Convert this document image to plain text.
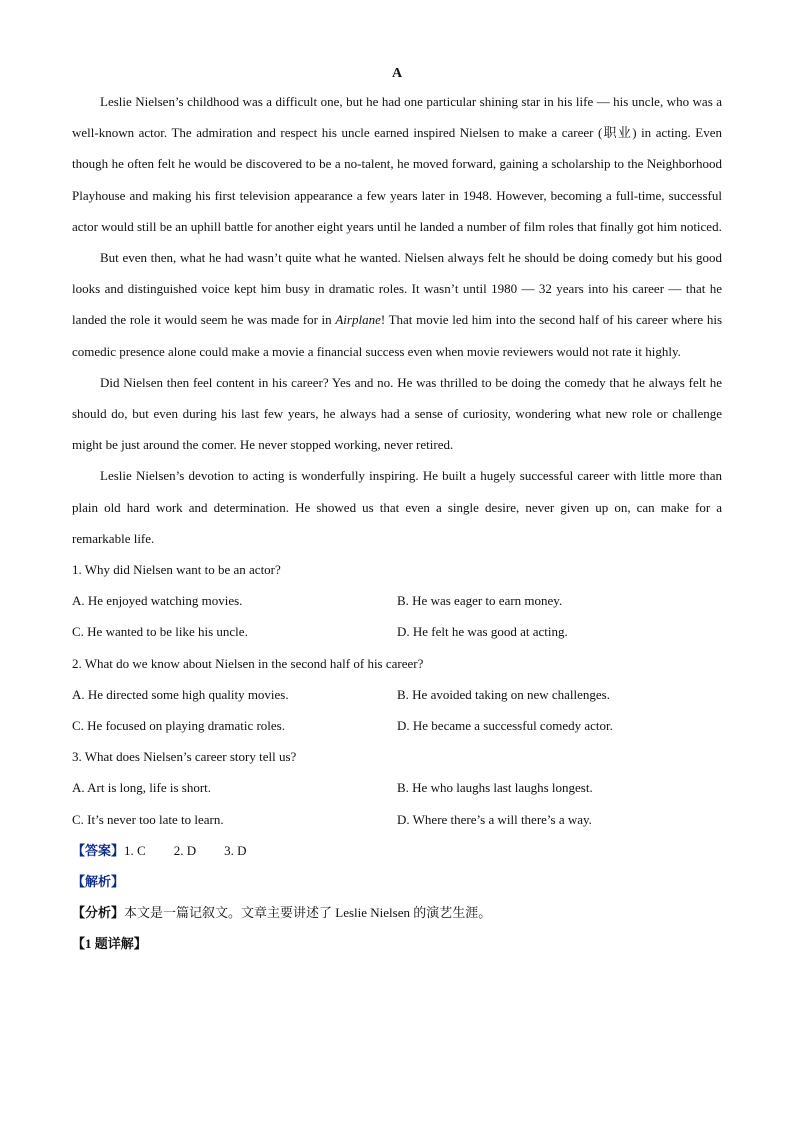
A

Leslie Nielsen’s childhood was a difficult one, but he had one particular shining star in his life — his uncle, who was a well-known actor. The admiration and respect his uncle earned inspired Nielsen to make a career (职业) in acting. Even though he often felt he would be discovered to be a no-talent, he moved forward, gaining a scholarship to the Neighborhood Playhouse and making his first television appearance a few years later in 1948. However, becoming a full-time, successful actor would still be an uphill battle for another eight years until he landed a number of film roles that finally got him noticed.

But even then, what he had wasn’t quite what he wanted. Nielsen always felt he should be doing comedy but his good looks and distinguished voice kept him busy in dramatic roles. It wasn’t until 1980 — 32 years into his career — that he landed the role it would seem he was made for in Airplane! That movie led him into the second half of his career where his comedic presence alone could make a movie a financial success even when movie reviewers would not rate it highly.

Did Nielsen then feel content in his career? Yes and no. He was thrilled to be doing the comedy that he always felt he should do, but even during his last few years, he always had a sense of curiosity, wondering what new role or challenge might be just around the comer. He never stopped working, never retired.

Leslie Nielsen’s devotion to acting is wonderfully inspiring. He built a hugely successful career with little more than plain old hard work and determination. He showed us that even a single desire, never given up on, can make for a remarkable life.

1. Why did Nielsen want to be an actor?

A. He enjoyed watching movies.	B. He was eager to earn money.
C. He wanted to be like his uncle.	D. He felt he was good at acting.

2. What do we know about Nielsen in the second half of his career?

A. He directed some high quality movies.	B. He avoided taking on new challenges.
C. He focused on playing dramatic roles.	D. He became a successful comedy actor.

3. What does Nielsen’s career story tell us?

A. Art is long, life is short.	B. He who laughs last laughs longest.
C. It’s never too late to learn.	D. Where there’s a will there’s a way.

【答案】1. C 2. D 3. D

【解析】

【分析】本文是一篇记叙文。文章主要讲述了 Leslie Nielsen 的演艺生涯。

【1 题详解】
